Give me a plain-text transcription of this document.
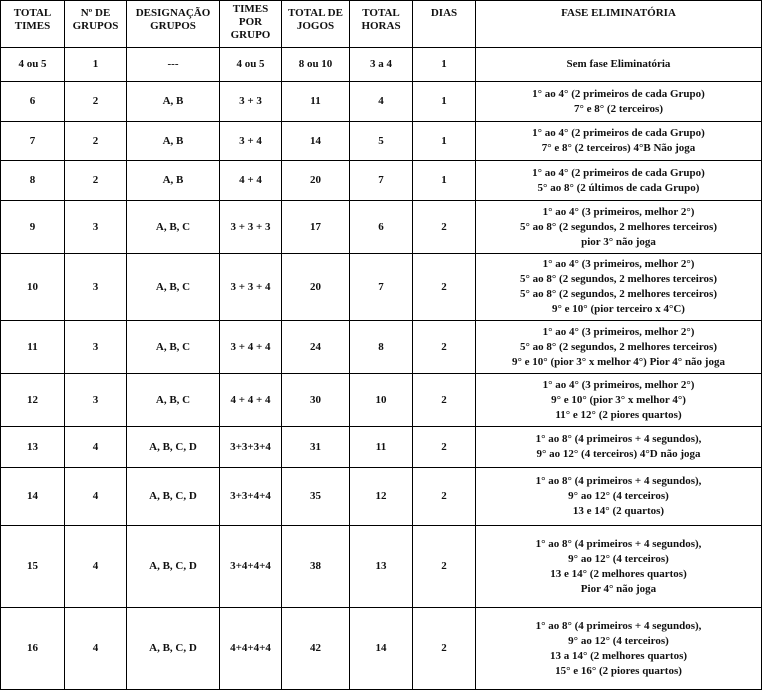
TOTAL TIMES	Nº DE GRUPOS	DESIGNAÇÃO GRUPOS	TIMES POR GRUPO	TOTAL DE JOGOS	TOTAL HORAS	DIAS	FASE ELIMINATÓRIA
4 ou 5	1	---	4 ou 5	8 ou 10	3 a 4	1	Sem fase Eliminatória

6	2	A, B	3 + 3	11	4	1	1° ao 4° (2 primeiros de cada Grupo)
7° e 8° (2 terceiros)

7	2	A, B	3 + 4	14	5	1	1° ao 4° (2 primeiros de cada Grupo)
7° e 8° (2 terceiros) 4°B Não joga

8	2	A, B	4 + 4	20	7	1	1° ao 4° (2 primeiros de cada Grupo)
5° ao 8° (2 últimos de cada Grupo)

9	3	A, B, C	3 + 3 + 3	17	6	2	1° ao 4° (3 primeiros, melhor 2°)
5° ao 8° (2 segundos, 2 melhores terceiros)
pior 3° não joga

10	3	A, B, C	3 + 3 + 4	20	7	2	1° ao 4° (3 primeiros, melhor 2°)
5° ao 8° (2 segundos, 2 melhores terceiros)
5° ao 8° (2 segundos, 2 melhores terceiros)
9° e 10° (pior terceiro x 4°C)

11	3	A, B, C	3 + 4 + 4	24	8	2	1° ao 4° (3 primeiros, melhor 2°)
5° ao 8° (2 segundos, 2 melhores terceiros)
9° e 10° (pior 3° x melhor 4°) Pior 4° não joga

12	3	A, B, C	4 + 4 + 4	30	10	2	1° ao 4° (3 primeiros, melhor 2°)
9° e 10° (pior 3° x melhor 4°)
11° e 12° (2 piores quartos)

13	4	A, B, C, D	3+3+3+4	31	11	2	1° ao 8° (4 primeiros + 4 segundos),
9° ao 12° (4 terceiros) 4°D não joga

14	4	A, B, C, D	3+3+4+4	35	12	2	1° ao 8° (4 primeiros + 4 segundos),
9° ao 12° (4 terceiros)
13 e 14° (2 quartos)

15	4	A, B, C, D	3+4+4+4	38	13	2	1° ao 8° (4 primeiros + 4 segundos),
9° ao 12° (4 terceiros)
13 e 14° (2 melhores quartos)
Pior 4° não joga

16	4	A, B, C, D	4+4+4+4	42	14	2	1° ao 8° (4 primeiros + 4 segundos),
9° ao 12° (4 terceiros)
13 a 14° (2 melhores quartos)
15° e 16° (2 piores quartos)
